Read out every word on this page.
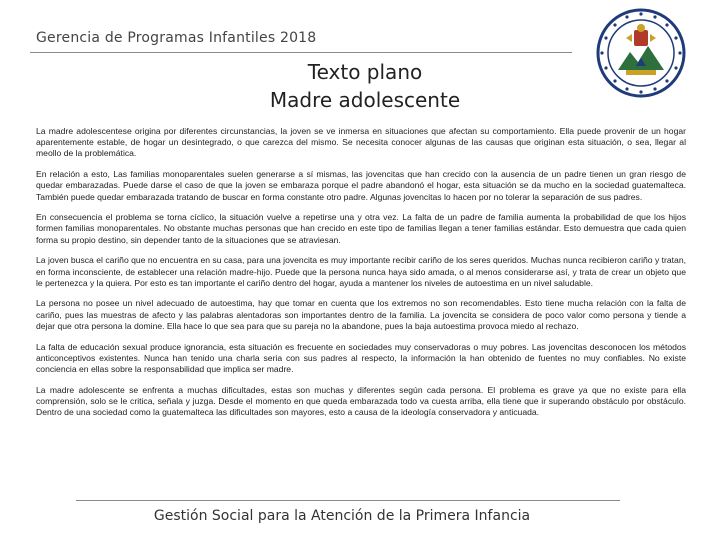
Gerencia de Programas Infantiles 2018
Texto plano
Madre adolescente

La madre adolescentese origina por diferentes circunstancias, la joven se ve inmersa en situaciones que afectan su comportamiento. Ella puede provenir de un hogar aparentemente estable, de hogar un desintegrado, o que carezca del mismo. Se necesita conocer algunas de las causas que originan esta situación, o sea, llegar al meollo de la problemática.

En relación a esto, Las familias monoparentales suelen generarse a sí mismas, las jovencitas que han crecido con la ausencia de un padre tienen un gran riesgo de quedar embarazadas. Puede darse el caso de que la joven se embaraza porque el padre abandonó el hogar, esta situación se da mucho en la sociedad guatemalteca. También puede quedar embarazada tratando de buscar en forma constante otro padre. Algunas jovencitas lo hacen por no tolerar la separación de sus padres.

En consecuencia el problema se torna cíclico, la situación vuelve a repetirse una y otra vez. La falta de un padre de familia aumenta la probabilidad de que los hijos formen familias monoparentales. No obstante muchas personas que han crecido en este tipo de familias llegan a tener familias estándar. Esto demuestra que cada quien forma su propio destino, sin depender tanto de la situaciones que se atraviesan.

La joven busca el cariño que no encuentra en su casa, para una jovencita es muy importante recibir cariño de los seres queridos. Muchas nunca recibieron cariño y tratan, en forma inconsciente, de establecer una relación madre-hijo. Puede que la persona nunca haya sido amada, o al menos considerarse así, y trata de crear un objeto que le pertenezca y la quiera. Por esto es tan importante el cariño dentro del hogar, ayuda a mantener los niveles de autoestima en un nivel saludable.

La persona no posee un nivel adecuado de autoestima, hay que tomar en cuenta que los extremos no son recomendables. Esto tiene mucha relación con la falta de cariño, pues las muestras de afecto y las palabras alentadoras son importantes dentro de la familia. La jovencita se considera de poco valor como persona y tiende a dejar que otra persona la domine. Ella hace lo que sea para que su pareja no la abandone, pues la baja autoestima provoca miedo al rechazo.

La falta de educación sexual produce ignorancia, esta situación es frecuente en sociedades muy conservadoras o muy pobres. Las jovencitas desconocen los métodos anticonceptivos existentes. Nunca han tenido una charla seria con sus padres al respecto, la información la han obtenido de fuentes no muy confiables. No existe conciencia en ellas sobre la responsabilidad que implica ser madre.

La madre adolescente se enfrenta a muchas dificultades, estas son muchas y diferentes según cada persona. El problema es grave ya que no existe para ella comprensión, solo se le critica, señala y juzga. Desde el momento en que queda embarazada todo va cuesta arriba, ella tiene que ir superando obstáculo por obstáculo. Dentro de una sociedad como la guatemalteca las dificultades son mayores, esto a causa de la ideología conservadora y anticuada.

Gestión Social para la Atención de la Primera Infancia
